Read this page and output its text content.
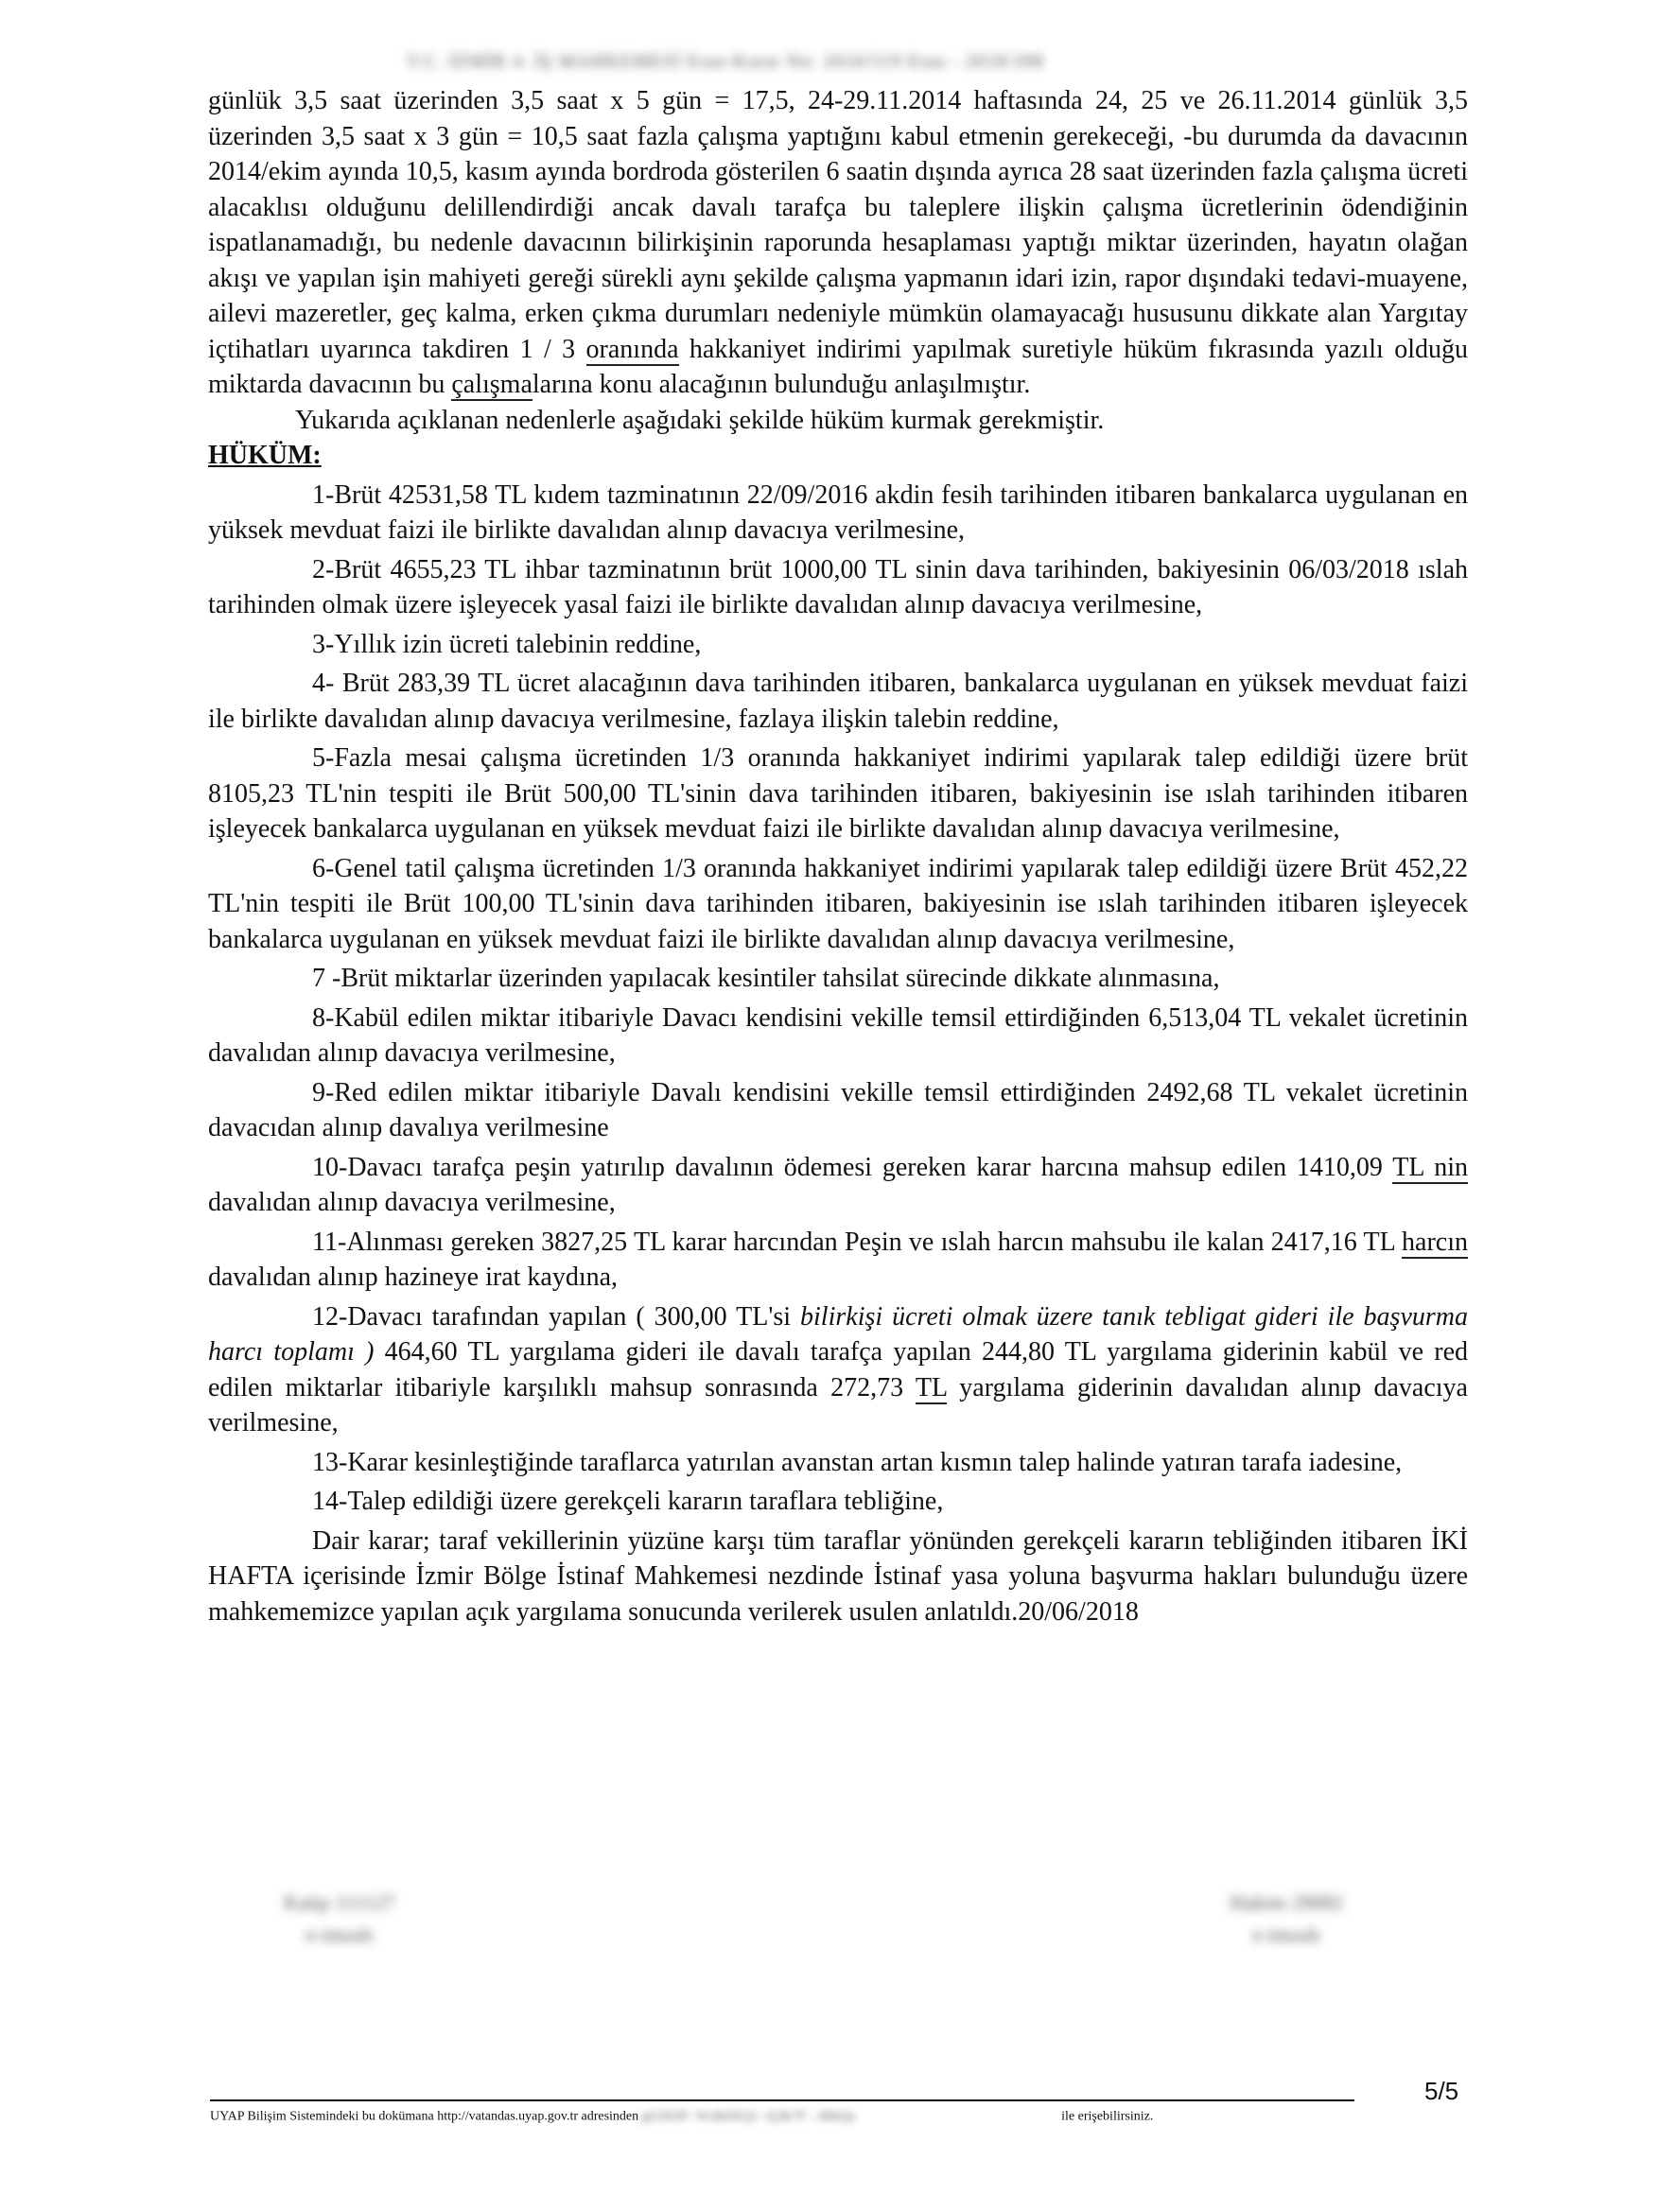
T.C. İZMİR 4. İŞ MAHKEMESİ Esas-Karar No: 2016/519 Esas - 2018/398

günlük 3,5 saat üzerinden 3,5 saat x 5 gün = 17,5, 24-29.11.2014 haftasında 24, 25 ve 26.11.2014 günlük 3,5 üzerinden 3,5 saat x 3 gün = 10,5 saat fazla çalışma yaptığını kabul etmenin gerekeceği, -bu durumda da davacının 2014/ekim ayında 10,5, kasım ayında bordroda gösterilen 6 saatin dışında ayrıca 28 saat üzerinden fazla çalışma ücreti alacaklısı olduğunu delillendirdiği ancak davalı tarafça bu taleplere ilişkin çalışma ücretlerinin ödendiğinin ispatlanamadığı, bu nedenle davacının bilirkişinin raporunda hesaplaması yaptığı miktar üzerinden, hayatın olağan akışı ve yapılan işin mahiyeti gereği sürekli aynı şekilde çalışma yapmanın idari izin, rapor dışındaki tedavi-muayene, ailevi mazeretler, geç kalma, erken çıkma durumları nedeniyle mümkün olamayacağı hususunu dikkate alan Yargıtay içtihatları uyarınca takdiren 1 / 3 oranında hakkaniyet indirimi yapılmak suretiyle hüküm fıkrasında yazılı olduğu miktarda davacının bu çalışmalarına konu alacağının bulunduğu anlaşılmıştır.

Yukarıda açıklanan nedenlerle aşağıdaki şekilde hüküm kurmak gerekmiştir.

HÜKÜM:

1-Brüt 42531,58 TL kıdem tazminatının 22/09/2016 akdin fesih tarihinden itibaren bankalarca uygulanan en yüksek mevduat faizi ile birlikte davalıdan alınıp davacıya verilmesine,

2-Brüt 4655,23 TL ihbar tazminatının brüt 1000,00 TL sinin dava tarihinden, bakiyesinin 06/03/2018 ıslah tarihinden olmak üzere işleyecek yasal faizi ile birlikte davalıdan alınıp davacıya verilmesine,

3-Yıllık izin ücreti talebinin reddine,

4- Brüt 283,39 TL ücret alacağının dava tarihinden itibaren, bankalarca uygulanan en yüksek mevduat faizi ile birlikte davalıdan alınıp davacıya verilmesine, fazlaya ilişkin talebin reddine,

5-Fazla mesai çalışma ücretinden 1/3 oranında hakkaniyet indirimi yapılarak talep edildiği üzere brüt 8105,23 TL'nin tespiti ile Brüt 500,00 TL'sinin dava tarihinden itibaren, bakiyesinin ise ıslah tarihinden itibaren işleyecek bankalarca uygulanan en yüksek mevduat faizi ile birlikte davalıdan alınıp davacıya verilmesine,

6-Genel tatil çalışma ücretinden 1/3 oranında hakkaniyet indirimi yapılarak talep edildiği üzere Brüt 452,22 TL'nin tespiti ile Brüt 100,00 TL'sinin dava tarihinden itibaren, bakiyesinin ise ıslah tarihinden itibaren işleyecek bankalarca uygulanan en yüksek mevduat faizi ile birlikte davalıdan alınıp davacıya verilmesine,

7 -Brüt miktarlar üzerinden yapılacak kesintiler tahsilat sürecinde dikkate alınmasına,

8-Kabül edilen miktar itibariyle Davacı kendisini vekille temsil ettirdiğinden 6,513,04 TL vekalet ücretinin davalıdan alınıp davacıya verilmesine,

9-Red edilen miktar itibariyle Davalı kendisini vekille temsil ettirdiğinden 2492,68 TL vekalet ücretinin davacıdan alınıp davalıya verilmesine

10-Davacı tarafça peşin yatırılıp davalının ödemesi gereken karar harcına mahsup edilen 1410,09 TL nin davalıdan alınıp davacıya verilmesine,

11-Alınması gereken 3827,25 TL karar harcından Peşin ve ıslah harcın mahsubu ile kalan 2417,16 TL harcın davalıdan alınıp hazineye irat kaydına,

12-Davacı tarafından yapılan ( 300,00 TL'si bilirkişi ücreti olmak üzere tanık tebligat gideri ile başvurma harcı toplamı ) 464,60 TL yargılama gideri ile davalı tarafça yapılan 244,80 TL yargılama giderinin kabül ve red edilen miktarlar itibariyle karşılıklı mahsup sonrasında 272,73 TL yargılama giderinin davalıdan alınıp davacıya verilmesine,

13-Karar kesinleştiğinde taraflarca yatırılan avanstan artan kısmın talep halinde yatıran tarafa iadesine,

14-Talep edildiği üzere gerekçeli kararın taraflara tebliğine,

Dair karar; taraf vekillerinin yüzüne karşı tüm taraflar yönünden gerekçeli kararın tebliğinden itibaren İKİ HAFTA içerisinde İzmir Bölge İstinaf Mahkemesi nezdinde İstinaf yasa yoluna başvurma hakları bulunduğu üzere mahkememizce yapılan açık yargılama sonucunda verilerek usulen anlatıldı.20/06/2018

Katip 111127
e-imzalı
Hakim 29082
e-imzalı
5/5
UYAP Bilişim Sistemindeki bu dokümana http://vatandas.uyap.gov.tr adresinden gGDOP- WsRdXQ1 -Q3k7F - tBkQa	ile erişebilirsiniz.
